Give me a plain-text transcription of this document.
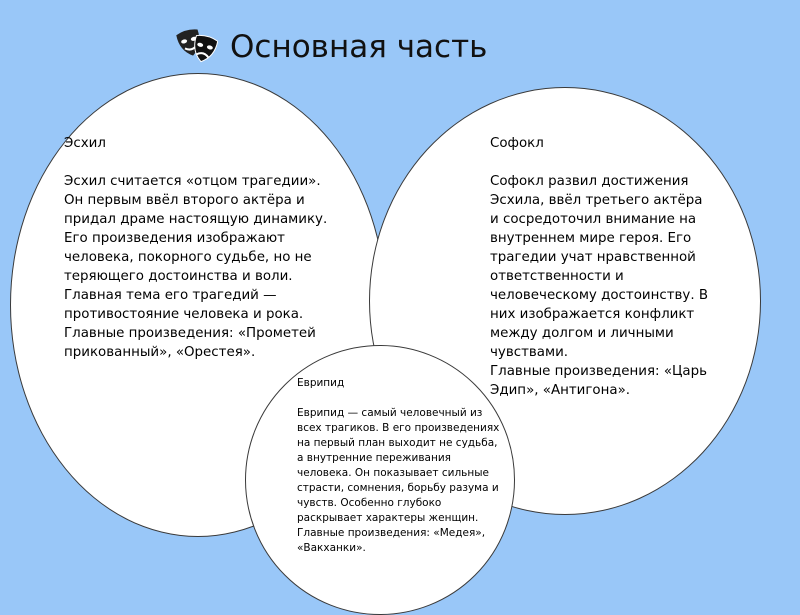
Основная часть
Эсхил
Эсхил считается «отцом трагедии». Он первым ввёл второго актёра и придал драме настоящую динамику. Его произведения изображают человека, покорного судьбе, но не теряющего достоинства и воли. Главная тема его трагедий — противостояние человека и рока.
Главные произведения: «Прометей прикованный», «Орестея».
Софокл
Софокл развил достижения Эсхила, ввёл третьего актёра и сосредоточил внимание на внутреннем мире героя. Его трагедии учат нравственной ответственности и человеческому достоинству. В них изображается конфликт между долгом и личными чувствами.
Главные произведения: «Царь Эдип», «Антигона».
Еврипид
Еврипид — самый человечный из всех трагиков. В его произведениях на первый план выходит не судьба, а внутренние переживания человека. Он показывает сильные страсти, сомнения, борьбу разума и чувств. Особенно глубоко раскрывает характеры женщин.
Главные произведения: «Медея», «Вакханки».
